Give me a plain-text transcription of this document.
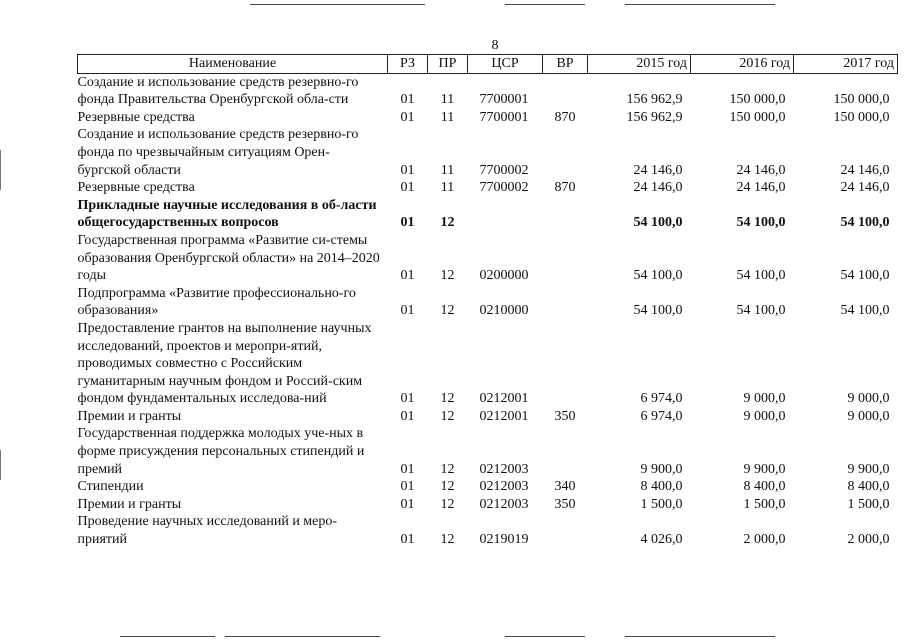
8
Наименование	РЗ	ПР	ЦСР	ВР	2015 год	2016 год	2017 год
Создание и использование средств резервно-го фонда Правительства Оренбургской обла-сти	01	11	7700001		156 962,9	150 000,0	150 000,0
Резервные средства	01	11	7700001	870	156 962,9	150 000,0	150 000,0
Создание и использование средств резервно-го фонда по чрезвычайным ситуациям Орен-бургской области	01	11	7700002		24 146,0	24 146,0	24 146,0
Резервные средства	01	11	7700002	870	24 146,0	24 146,0	24 146,0
Прикладные научные исследования в об-ласти общегосударственных вопросов	01	12			54 100,0	54 100,0	54 100,0
Государственная программа «Развитие си-стемы образования Оренбургской области» на 2014–2020 годы	01	12	0200000		54 100,0	54 100,0	54 100,0
Подпрограмма «Развитие профессионально-го образования»	01	12	0210000		54 100,0	54 100,0	54 100,0
Предоставление грантов на выполнение научных исследований, проектов и меропри-ятий, проводимых совместно с Российским гуманитарным научным фондом и Россий-ским фондом фундаментальных исследова-ний	01	12	0212001		6 974,0	9 000,0	9 000,0
Премии и гранты	01	12	0212001	350	6 974,0	9 000,0	9 000,0
Государственная поддержка молодых уче-ных в форме присуждения персональных стипендий и премий	01	12	0212003		9 900,0	9 900,0	9 900,0
Стипендии	01	12	0212003	340	8 400,0	8 400,0	8 400,0
Премии и гранты	01	12	0212003	350	1 500,0	1 500,0	1 500,0
Проведение научных исследований и меро-приятий	01	12	0219019		4 026,0	2 000,0	2 000,0
